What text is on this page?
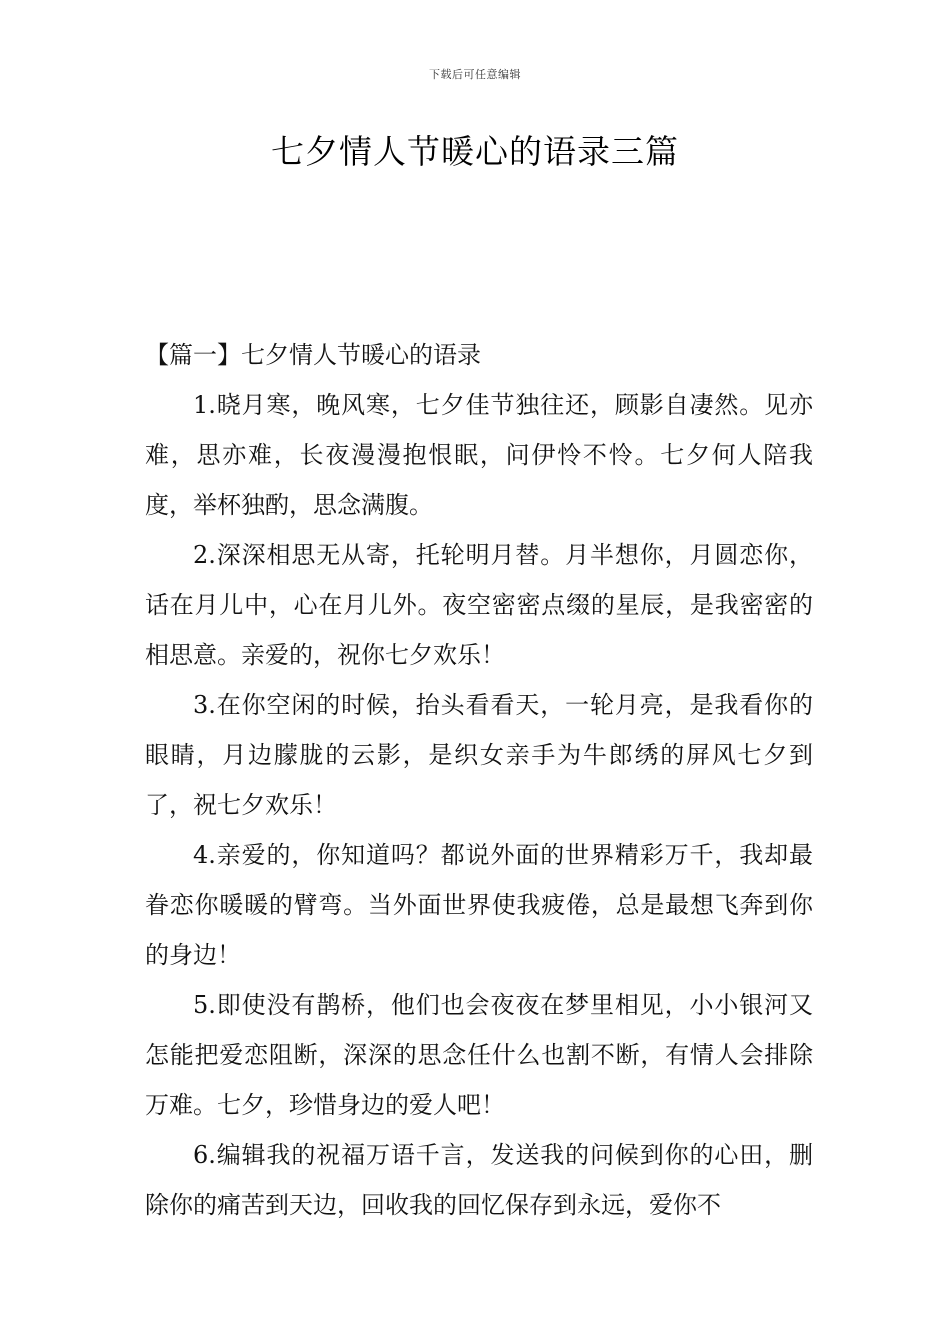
下载后可任意编辑
七夕情人节暖心的语录三篇
【篇一】七夕情人节暖心的语录

1.晓月寒，晚风寒，七夕佳节独往还，顾影自凄然。见亦难，思亦难，长夜漫漫抱恨眠，问伊怜不怜。七夕何人陪我度，举杯独酌，思念满腹。

2.深深相思无从寄，托轮明月替。月半想你，月圆恋你，话在月儿中，心在月儿外。夜空密密点缀的星辰，是我密密的相思意。亲爱的，祝你七夕欢乐！

3.在你空闲的时候，抬头看看天，一轮月亮，是我看你的眼睛，月边朦胧的云影，是织女亲手为牛郎绣的屏风七夕到了，祝七夕欢乐！

4.亲爱的，你知道吗？都说外面的世界精彩万千，我却最眷恋你暖暖的臂弯。当外面世界使我疲倦，总是最想飞奔到你的身边！

5.即使没有鹊桥，他们也会夜夜在梦里相见，小小银河又怎能把爱恋阻断，深深的思念任什么也割不断，有情人会排除万难。七夕，珍惜身边的爱人吧！

6.编辑我的祝福万语千言，发送我的问候到你的心田，删除你的痛苦到天边，回收我的回忆保存到永远，爱你不
